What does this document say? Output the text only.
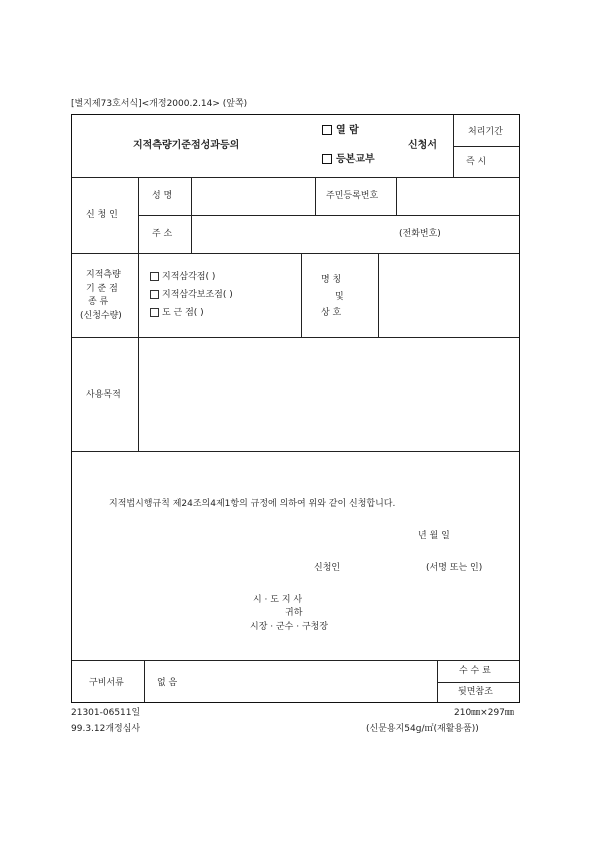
[별지제73호서식]<개정2000.2.14> (앞쪽)
지적측량기준점성과등의
열 람
등본교부
신청서
처리기간
즉 시
신 청 인
성 명	주민등록번호
주 소	(전화번호)
지적측량
기 준 점
종 류
(신청수량)
지적삼각점( )
지적삼각보조점( )
도 근 점( )
명 칭
및
상 호
사용목적
지적법시행규칙 제24조의4제1항의 규정에 의하여 위와 같이 신청합니다.
년 월 일
신청인	(서명 또는 인)
시 · 도 지 사
귀하
시장 · 군수 · 구청장
구비서류	없 음
수 수 료
뒷면참조
21301-06511일
99.3.12개정심사
210㎜×297㎜
(신문용지54g/㎡(재활용품))
